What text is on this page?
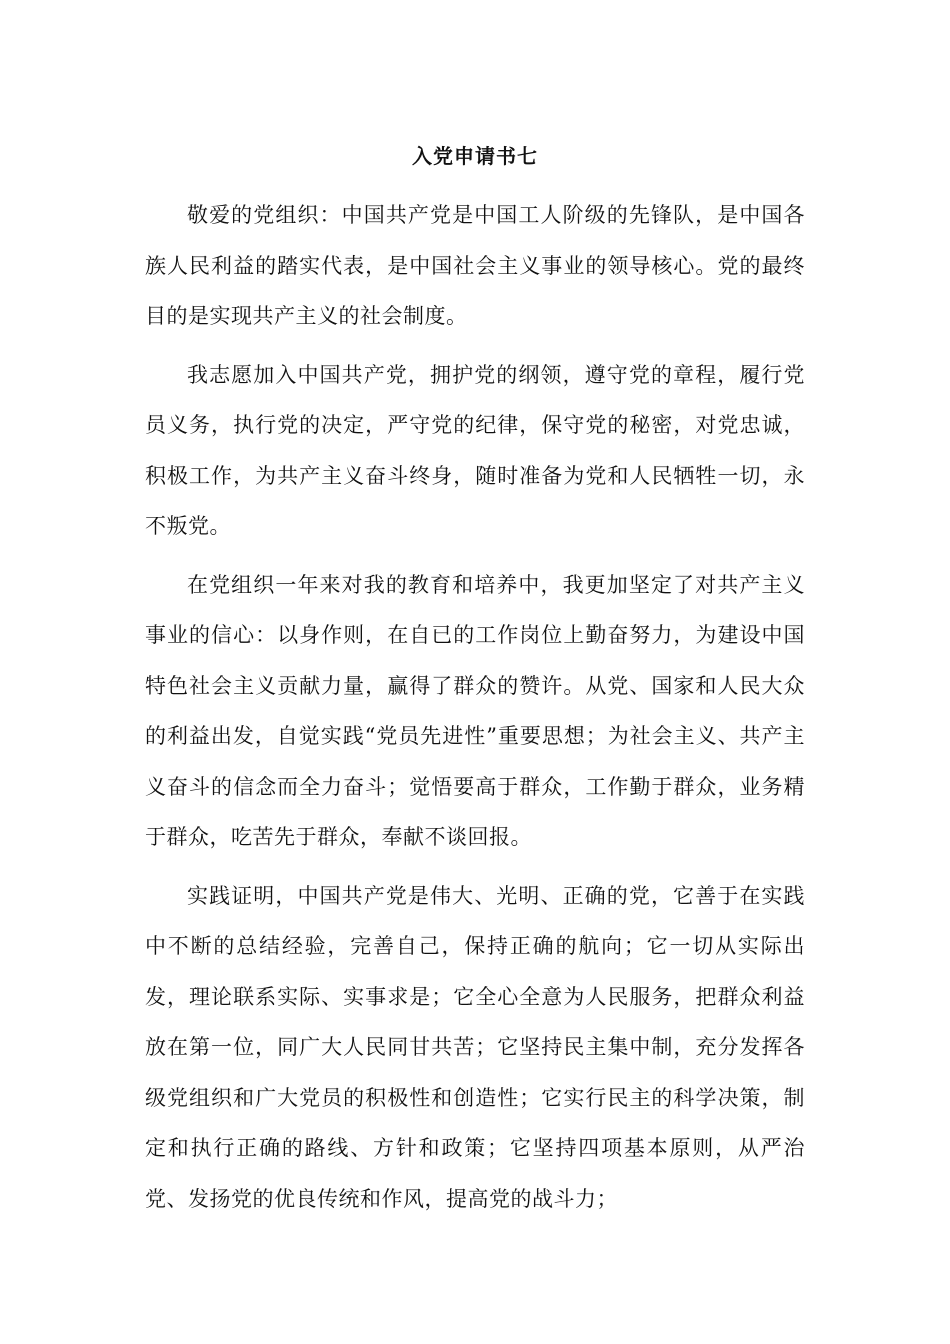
入党申请书七

敬爱的党组织：中国共产党是中国工人阶级的先锋队，是中国各族人民利益的踏实代表，是中国社会主义事业的领导核心。党的最终目的是实现共产主义的社会制度。

我志愿加入中国共产党，拥护党的纲领，遵守党的章程，履行党员义务，执行党的决定，严守党的纪律，保守党的秘密，对党忠诚，积极工作，为共产主义奋斗终身，随时准备为党和人民牺牲一切，永不叛党。

在党组织一年来对我的教育和培养中，我更加坚定了对共产主义事业的信心：以身作则，在自已的工作岗位上勤奋努力，为建设中国特色社会主义贡献力量，赢得了群众的赞许。从党、国家和人民大众的利益出发，自觉实践“党员先进性”重要思想；为社会主义、共产主义奋斗的信念而全力奋斗；觉悟要高于群众，工作勤于群众，业务精于群众，吃苦先于群众，奉献不谈回报。

实践证明，中国共产党是伟大、光明、正确的党，它善于在实践中不断的总结经验，完善自己，保持正确的航向；它一切从实际出发，理论联系实际、实事求是；它全心全意为人民服务，把群众利益放在第一位，同广大人民同甘共苦；它坚持民主集中制，充分发挥各级党组织和广大党员的积极性和创造性；它实行民主的科学决策，制定和执行正确的路线、方针和政策；它坚持四项基本原则，从严治党、发扬党的优良传统和作风，提高党的战斗力；
